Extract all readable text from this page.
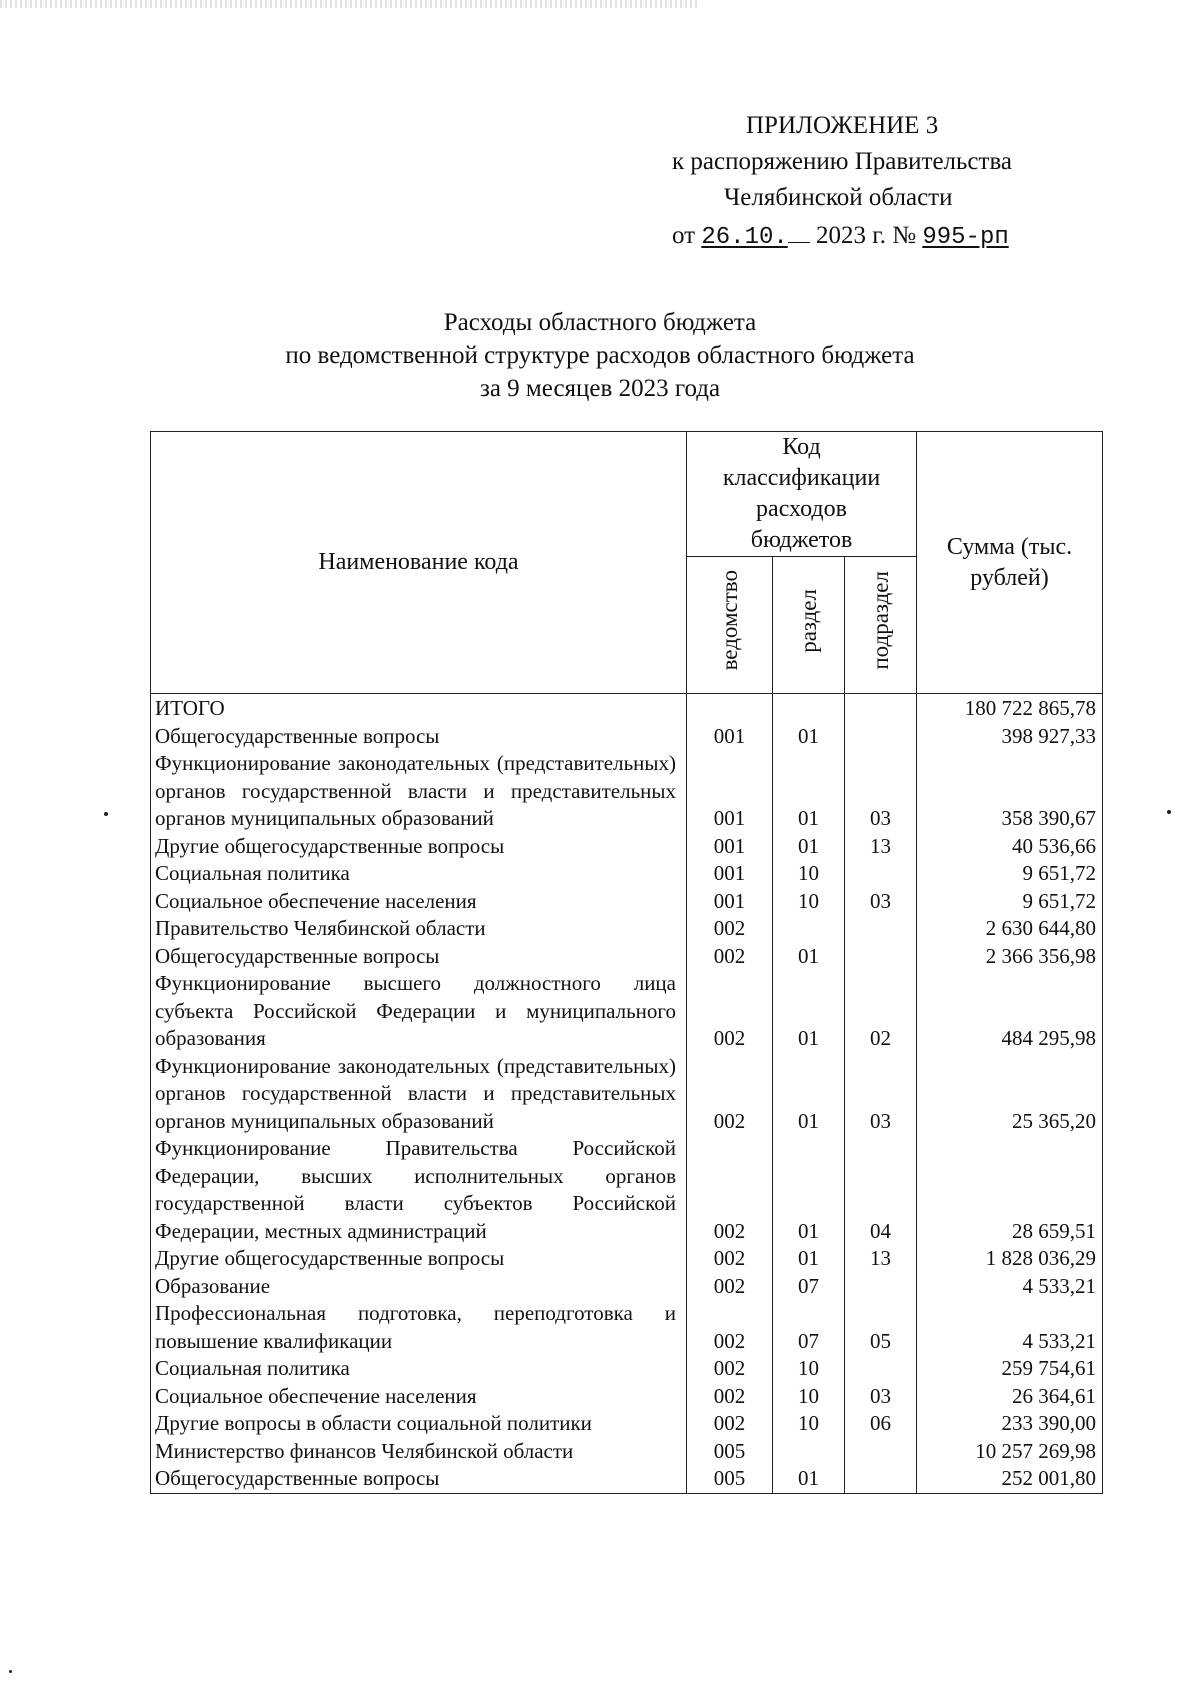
ПРИЛОЖЕНИЕ 3
к распоряжению Правительства
Челябинской области
от 26.10. 2023 г. № 995-рп
Расходы областного бюджета
по ведомственной структуре расходов областного бюджета
за 9 месяцев 2023 года
Наименование кода	Код классификации расходов бюджетов			Сумма (тыс. рублей)
	ведомство	раздел	подраздел	
ИТОГО				180 722 865,78
Общегосударственные вопросы	001	01		398 927,33
Функционирование законодательных (представительных) органов государственной власти и представительных органов муниципальных образований	001	01	03	358 390,67
Другие общегосударственные вопросы	001	01	13	40 536,66
Социальная политика	001	10		9 651,72
Социальное обеспечение населения	001	10	03	9 651,72
Правительство Челябинской области	002			2 630 644,80
Общегосударственные вопросы	002	01		2 366 356,98
Функционирование высшего должностного лица субъекта Российской Федерации и муниципального образования	002	01	02	484 295,98
Функционирование законодательных (представительных) органов государственной власти и представительных органов муниципальных образований	002	01	03	25 365,20
Функционирование Правительства Российской Федерации, высших исполнительных органов государственной власти субъектов Российской Федерации, местных администраций	002	01	04	28 659,51
Другие общегосударственные вопросы	002	01	13	1 828 036,29
Образование	002	07		4 533,21
Профессиональная подготовка, переподготовка и повышение квалификации	002	07	05	4 533,21
Социальная политика	002	10		259 754,61
Социальное обеспечение населения	002	10	03	26 364,61
Другие вопросы в области социальной политики	002	10	06	233 390,00
Министерство финансов Челябинской области	005			10 257 269,98
Общегосударственные вопросы	005	01		252 001,80
